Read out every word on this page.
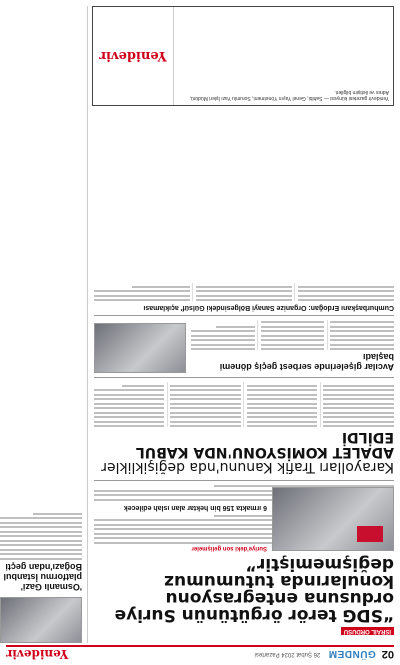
02
GÜNDEM
26 Şubat 2024 Pazartesi
Yenidevir
İSRAİL ORDUSU
“SDG terör örgütünün Suriye ordusuna entegrasyonu konularında tutumumuz değişmemiştir”
Suriye'deki son gelişmeler
6 ırmakta 156 bin hektar alan ıslah edilecek
Karayolları Trafik Kanunu'nda değişiklikler
ADALET KOMİSYONU'NDA KABUL EDİLDİ
Avcılar gişelerinde serbest geçiş dönemi başladı
Cumhurbaşkanı Erdoğan: Organize Sanayi Bölgesindeki Gülsüf' açıklaması
'Osmanlı Gazi' platformu İstanbul Boğazı'ndan geçti
Yenidevir gazetesi künyesi — Sahibi, Genel Yayın Yönetmeni, Sorumlu Yazı İşleri Müdürü, Adres ve iletişim bilgileri.
Yenidevir
